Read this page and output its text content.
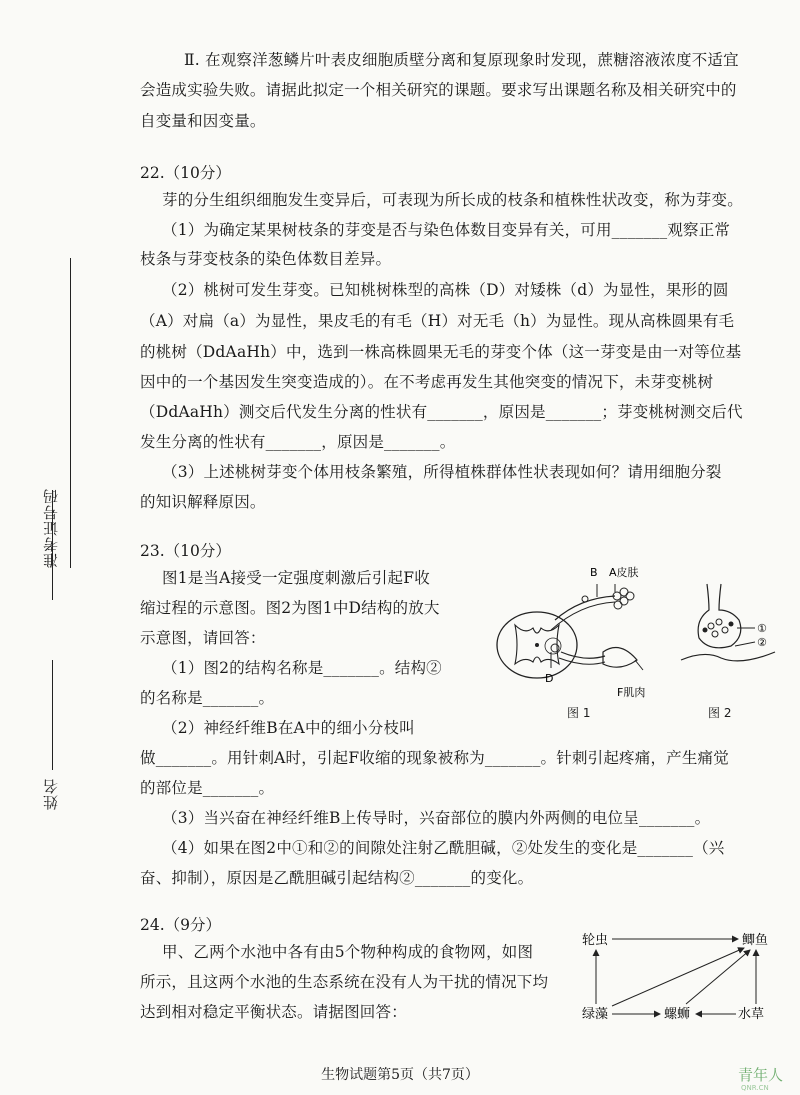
准考证号码
姓名
Ⅱ. 在观察洋葱鳞片叶表皮细胞质壁分离和复原现象时发现，蔗糖溶液浓度不适宜
会造成实验失败。请据此拟定一个相关研究的课题。要求写出课题名称及相关研究中的
自变量和因变量。
22.（10分）
芽的分生组织细胞发生变异后，可表现为所长成的枝条和植株性状改变，称为芽变。
（1）为确定某果树枝条的芽变是否与染色体数目变异有关，可用_______观察正常
枝条与芽变枝条的染色体数目差异。
（2）桃树可发生芽变。已知桃树株型的高株（D）对矮株（d）为显性，果形的圆
（A）对扁（a）为显性，果皮毛的有毛（H）对无毛（h）为显性。现从高株圆果有毛
的桃树（DdAaHh）中，选到一株高株圆果无毛的芽变个体（这一芽变是由一对等位基
因中的一个基因发生突变造成的）。在不考虑再发生其他突变的情况下，未芽变桃树
（DdAaHh）测交后代发生分离的性状有_______，原因是_______；芽变桃树测交后代
发生分离的性状有_______，原因是_______。
（3）上述桃树芽变个体用枝条繁殖，所得植株群体性状表现如何？请用细胞分裂
的知识解释原因。
23.（10分）
图1是当A接受一定强度刺激后引起F收
缩过程的示意图。图2为图1中D结构的放大
示意图，请回答：
（1）图2的结构名称是_______。结构②
的名称是_______。
（2）神经纤维B在A中的细小分枝叫
做_______。用针刺A时，引起F收缩的现象被称为_______。针刺引起疼痛，产生痛觉
的部位是_______。
（3）当兴奋在神经纤维B上传导时，兴奋部位的膜内外两侧的电位呈_______。
（4）如果在图2中①和②的间隙处注射乙酰胆碱，②处发生的变化是_______（兴
奋、抑制），原因是乙酰胆碱引起结构②_______的变化。
B A皮肤
D
F肌肉
图 1
①
②
图 2
24.（9分）
甲、乙两个水池中各有由5个物种构成的食物网，如图
所示，且这两个水池的生态系统在没有人为干扰的情况下均
达到相对稳定平衡状态。请据图回答：
轮虫	鲫鱼
绿藻	螺蛳	水草
生物试题第5页（共7页）	青年人
QNR.CN
